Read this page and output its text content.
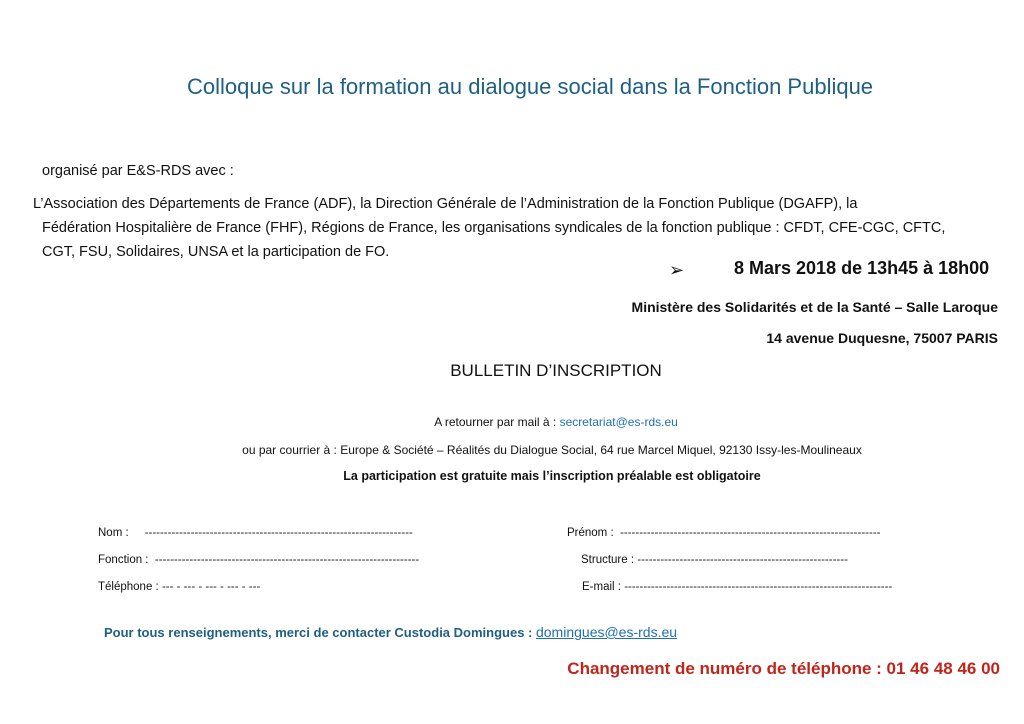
Colloque sur la formation au dialogue social dans la Fonction Publique
organisé par E&S-RDS avec :
L’Association des Départements de France (ADF), la Direction Générale de l’Administration de la Fonction Publique (DGAFP), la
Fédération Hospitalière de France (FHF), Régions de France, les organisations syndicales de la fonction publique : CFDT, CFE-CGC, CFTC,
CGT, FSU, Solidaires, UNSA et la participation de FO.
➢	8 Mars 2018 de 13h45 à 18h00
Ministère des Solidarités et de la Santé – Salle Laroque
14 avenue Duquesne, 75007 PARIS
BULLETIN D’INSCRIPTION
A retourner par mail à : secretariat@es-rds.eu
ou par courrier à : Europe & Société – Réalités du Dialogue Social, 64 rue Marcel Miquel, 92130 Issy-les-Moulineaux
La participation est gratuite mais l’inscription préalable est obligatoire
Nom : ----------------------------------------------------------------------	Prénom : --------------------------------------------------------------------
Fonction : ---------------------------------------------------------------------	Structure : -------------------------------------------------------
Téléphone : --- - --- - --- - --- - ---	E-mail : ----------------------------------------------------------------------
Pour tous renseignements, merci de contacter Custodia Domingues : domingues@es-rds.eu
Changement de numéro de téléphone : 01 46 48 46 00
